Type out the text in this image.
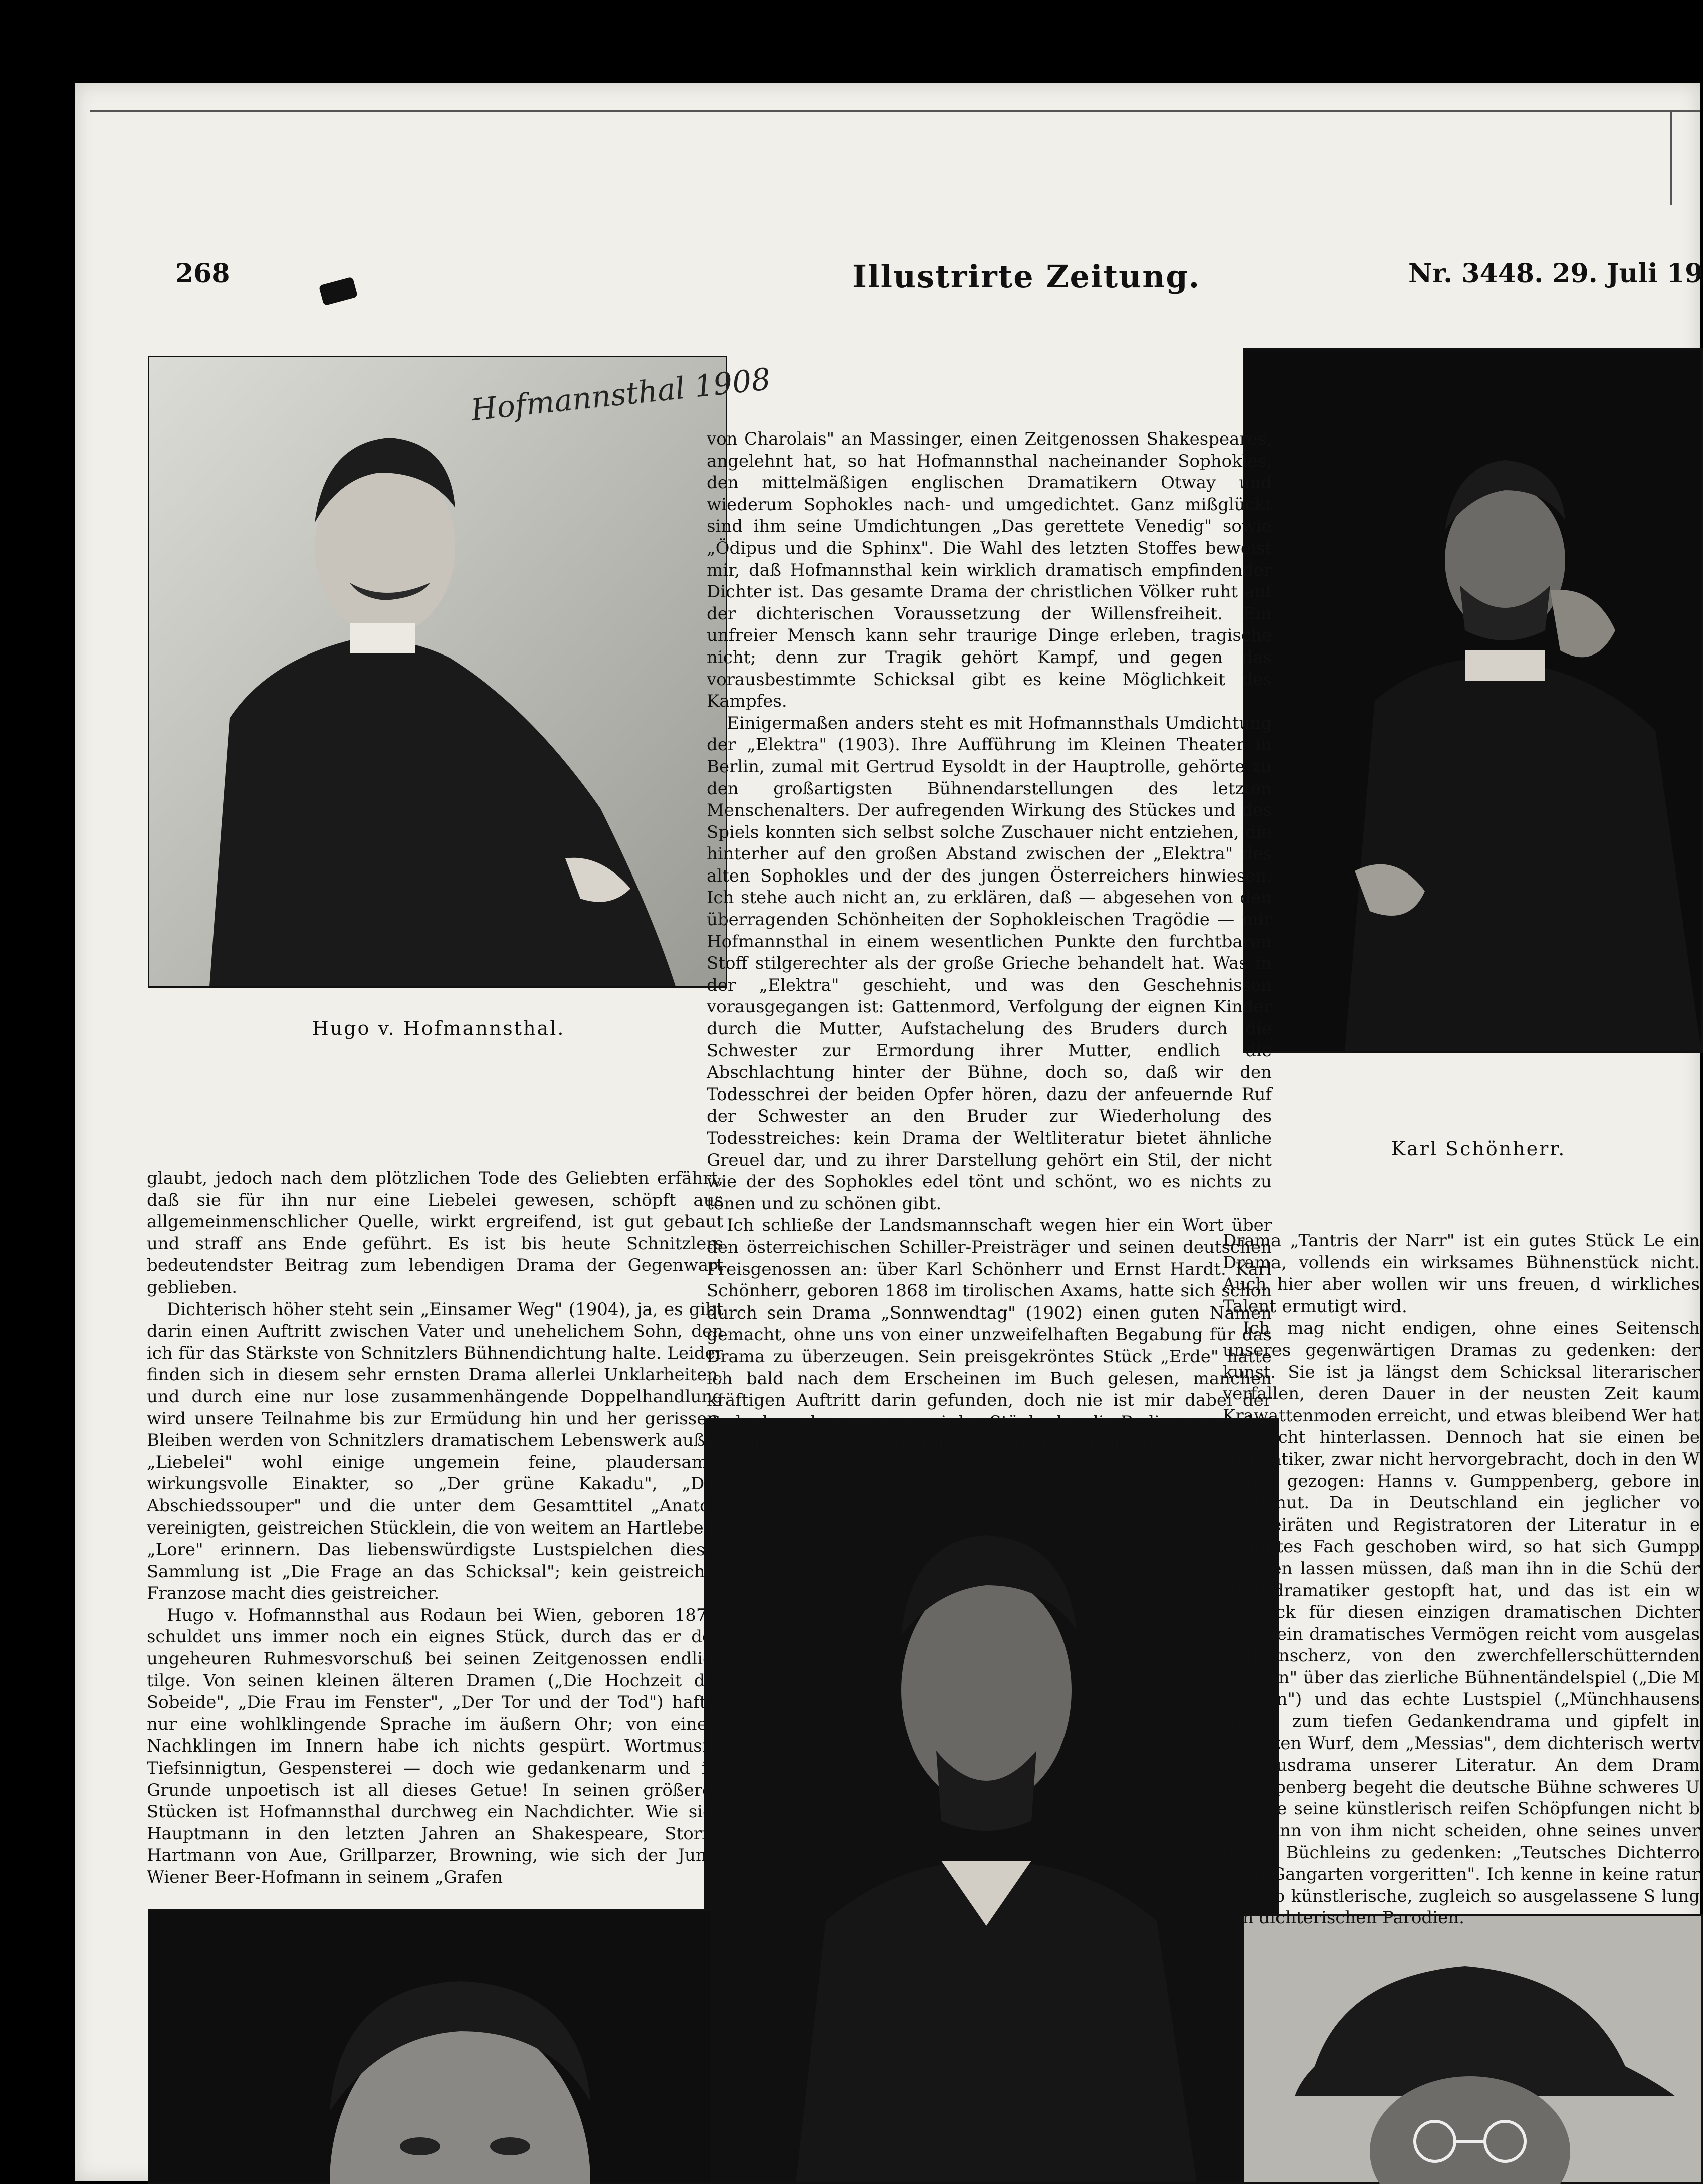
268	Illustrirte Zeitung.	Nr. 3448. 29. Juli 19
Hofmannsthal 1908
Hugo v. Hofmannsthal.
Karl Schönherr.

glaubt, jedoch nach dem plötzlichen Tode des Geliebten erfährt, daß sie für ihn nur eine Liebelei gewesen, schöpft aus allgemeinmenschlicher Quelle, wirkt ergreifend, ist gut gebaut und straff ans Ende geführt. Es ist bis heute Schnitzlers bedeutendster Beitrag zum lebendigen Drama der Gegenwart geblieben.

Dichterisch höher steht sein „Einsamer Weg" (1904), ja, es gibt darin einen Auftritt zwischen Vater und unehelichem Sohn, den ich für das Stärkste von Schnitzlers Bühnendichtung halte. Leider finden sich in diesem sehr ernsten Drama allerlei Unklarheiten, und durch eine nur lose zusammenhängende Doppelhandlung wird unsere Teilnahme bis zur Ermüdung hin und her gerissen. Bleiben werden von Schnitzlers dramatischem Lebenswerk außer „Liebelei" wohl einige ungemein feine, plaudersame, wirkungsvolle Einakter, so „Der grüne Kakadu", „Das Abschiedssouper" und die unter dem Gesamttitel „Anatol" vereinigten, geistreichen Stücklein, die von weitem an Hartlebens „Lore" erinnern. Das liebenswürdigste Lustspielchen dieser Sammlung ist „Die Frage an das Schicksal"; kein geistreicher Franzose macht dies geistreicher.

Hugo v. Hofmannsthal aus Rodaun bei Wien, geboren 1874, schuldet uns immer noch ein eignes Stück, durch das er den ungeheuren Ruhmesvorschuß bei seinen Zeitgenossen endlich tilge. Von seinen kleinen älteren Dramen („Die Hochzeit der Sobeide", „Die Frau im Fenster", „Der Tor und der Tod") haftet nur eine wohlklingende Sprache im äußern Ohr; von einem Nachklingen im Innern habe ich nichts gespürt. Wortmusik, Tiefsinnigtun, Gespensterei — doch wie gedankenarm und im Grunde unpoetisch ist all dieses Getue! In seinen größeren Stücken ist Hofmannsthal durchweg ein Nachdichter. Wie sich Hauptmann in den letzten Jahren an Shakespeare, Storm, Hartmann von Aue, Grillparzer, Browning, wie sich der Jung-Wiener Beer-Hofmann in seinem „Grafen

von Charolais" an Massinger, einen Zeitgenossen Shakespeares, angelehnt hat, so hat Hofmannsthal nacheinander Sophokles, den mittelmäßigen englischen Dramatikern Otway und wiederum Sophokles nach- und umgedichtet. Ganz mißglückt sind ihm seine Umdichtungen „Das gerettete Venedig" sowie „Ödipus und die Sphinx". Die Wahl des letzten Stoffes beweist mir, daß Hofmannsthal kein wirklich dramatisch empfindender Dichter ist. Das gesamte Drama der christlichen Völker ruht auf der dichterischen Voraussetzung der Willensfreiheit. Ein unfreier Mensch kann sehr traurige Dinge erleben, tragische nicht; denn zur Tragik gehört Kampf, und gegen das vorausbestimmte Schicksal gibt es keine Möglichkeit des Kampfes.

Einigermaßen anders steht es mit Hofmannsthals Umdichtung der „Elektra" (1903). Ihre Aufführung im Kleinen Theater in Berlin, zumal mit Gertrud Eysoldt in der Hauptrolle, gehörte zu den großartigsten Bühnendarstellungen des letzten Menschenalters. Der aufregenden Wirkung des Stückes und des Spiels konnten sich selbst solche Zuschauer nicht entziehen, die hinterher auf den großen Abstand zwischen der „Elektra" des alten Sophokles und der des jungen Österreichers hinwiesen. Ich stehe auch nicht an, zu erklären, daß — abgesehen von den überragenden Schönheiten der Sophokleischen Tragödie — mir Hofmannsthal in einem wesentlichen Punkte den furchtbaren Stoff stilgerechter als der große Grieche behandelt hat. Was in der „Elektra" geschieht, und was den Geschehnissen vorausgegangen ist: Gattenmord, Verfolgung der eignen Kinder durch die Mutter, Aufstachelung des Bruders durch die Schwester zur Ermordung ihrer Mutter, endlich die Abschlachtung hinter der Bühne, doch so, daß wir den Todesschrei der beiden Opfer hören, dazu der anfeuernde Ruf der Schwester an den Bruder zur Wiederholung des Todesstreiches: kein Drama der Weltliteratur bietet ähnliche Greuel dar, und zu ihrer Darstellung gehört ein Stil, der nicht wie der des Sophokles edel tönt und schönt, wo es nichts zu tönen und zu schönen gibt.

Ich schließe der Landsmannschaft wegen hier ein Wort über den österreichischen Schiller-Preisträger und seinen deutschen Preisgenossen an: über Karl Schönherr und Ernst Hardt. Karl Schönherr, geboren 1868 im tirolischen Axams, hatte sich schon durch sein Drama „Sonnwendtag" (1902) einen guten Namen gemacht, ohne uns von einer unzweifelhaften Begabung für das Drama zu überzeugen. Sein preisgekröntes Stück „Erde" hatte ich bald nach dem Erscheinen im Buch gelesen, manchen kräftigen Auftritt darin gefunden, doch nie ist mir dabei der Gedanke gekommen, es sei das Stück, das die Bedingungen des Schiller-Preises erfüllte. Indessen, die Geschichte dieses

Drama „Tantris der Narr" ist ein gutes Stück Le ein Drama, vollends ein wirksames Bühnenstück nicht. Auch hier aber wollen wir uns freuen, d wirkliches Talent ermutigt wird.

Ich mag nicht endigen, ohne eines Seitensch unseres gegenwärtigen Dramas zu gedenken: der kunst. Sie ist ja längst dem Schicksal literarischer verfallen, deren Dauer in der neusten Zeit kaum Krawattenmoden erreicht, und etwas bleibend Wer hat sie nicht hinterlassen. Dennoch hat sie einen be Dramatiker, zwar nicht hervorgebracht, doch in den W grund gezogen: Hanns v. Gumppenberg, gebore in Landshut. Da in Deutschland ein jeglicher vo Kanzleiräten und Registratoren der Literatur in e stimmtes Fach geschoben wird, so hat sich Gumpp gefallen lassen müssen, daß man ihn in die Schü der Brettldramatiker gestopft hat, und das ist ein w Unglück für diesen einzigen dramatischen Dichter gew Sein dramatisches Vermögen reicht vom ausgelas Bühnenscherz, von den zwerchfellerschütternden dramen" über das zierliche Bühnentändelspiel („Die M königin") und das echte Lustspiel („Münchhausens wort") zum tiefen Gedankendrama und gipfelt in höchsten Wurf, dem „Messias", dem dichterisch wertv Christusdrama unserer Literatur. An dem Dram Gumppenberg begeht die deutsche Bühne schweres U daß sie seine künstlerisch reifen Schöpfungen nicht b Ich kann von ihm nicht scheiden, ohne seines unver lichen Büchleins zu gedenken: „Teutsches Dichterro allen Gangarten vorgeritten". Ich kenne in keine ratur eine so künstlerische, zugleich so ausgelassene S lung von dichterischen Parodien.
